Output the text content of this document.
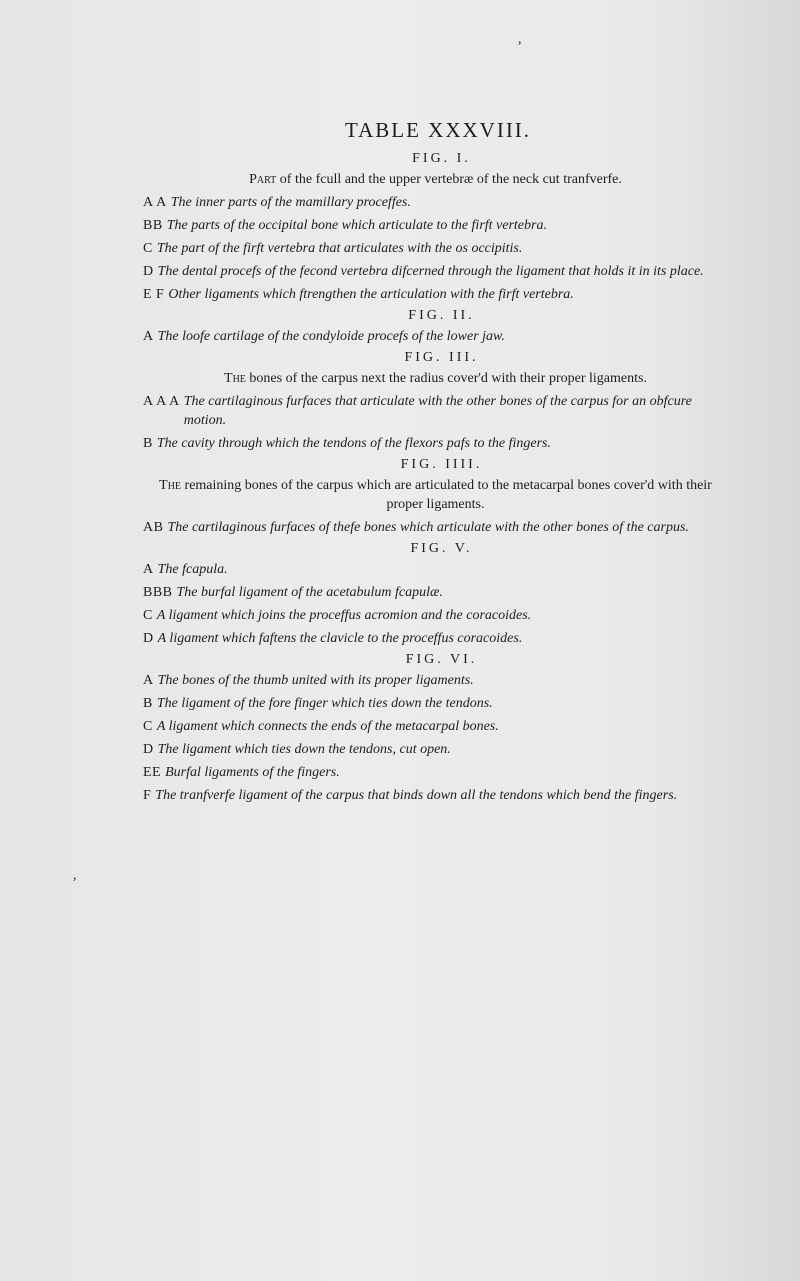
,
,
TABLE XXXVIII.
FIG. I.

Part of the fcull and the upper vertebræ of the neck cut tranfverfe.

A A The inner parts of the mamillary proceffes.
BB The parts of the occipital bone which articulate to the firft vertebra.
C The part of the firft vertebra that articulates with the os occipitis.
D The dental procefs of the fecond vertebra difcerned through the ligament that holds it in its place.
E F Other ligaments which ftrengthen the articulation with the firft vertebra.
FIG. II.
A The loofe cartilage of the condyloide procefs of the lower jaw.
FIG. III.

The bones of the carpus next the radius cover'd with their proper ligaments.

A A A The cartilaginous furfaces that articulate with the other bones of the carpus for an obfcure motion.
B The cavity through which the tendons of the flexors pafs to the fingers.
FIG. IIII.

The remaining bones of the carpus which are articulated to the metacarpal bones cover'd with their proper ligaments.

AB The cartilaginous furfaces of thefe bones which articulate with the other bones of the carpus.
FIG. V.
A The fcapula.
BBB The burfal ligament of the acetabulum fcapulæ.
C A ligament which joins the proceffus acromion and the coracoides.
D A ligament which faftens the clavicle to the proceffus coracoides.
FIG. VI.
A The bones of the thumb united with its proper ligaments.
B The ligament of the fore finger which ties down the tendons.
C A ligament which connects the ends of the metacarpal bones.
D The ligament which ties down the tendons, cut open.
EE Burfal ligaments of the fingers.
F The tranfverfe ligament of the carpus that binds down all the tendons which bend the fingers.
